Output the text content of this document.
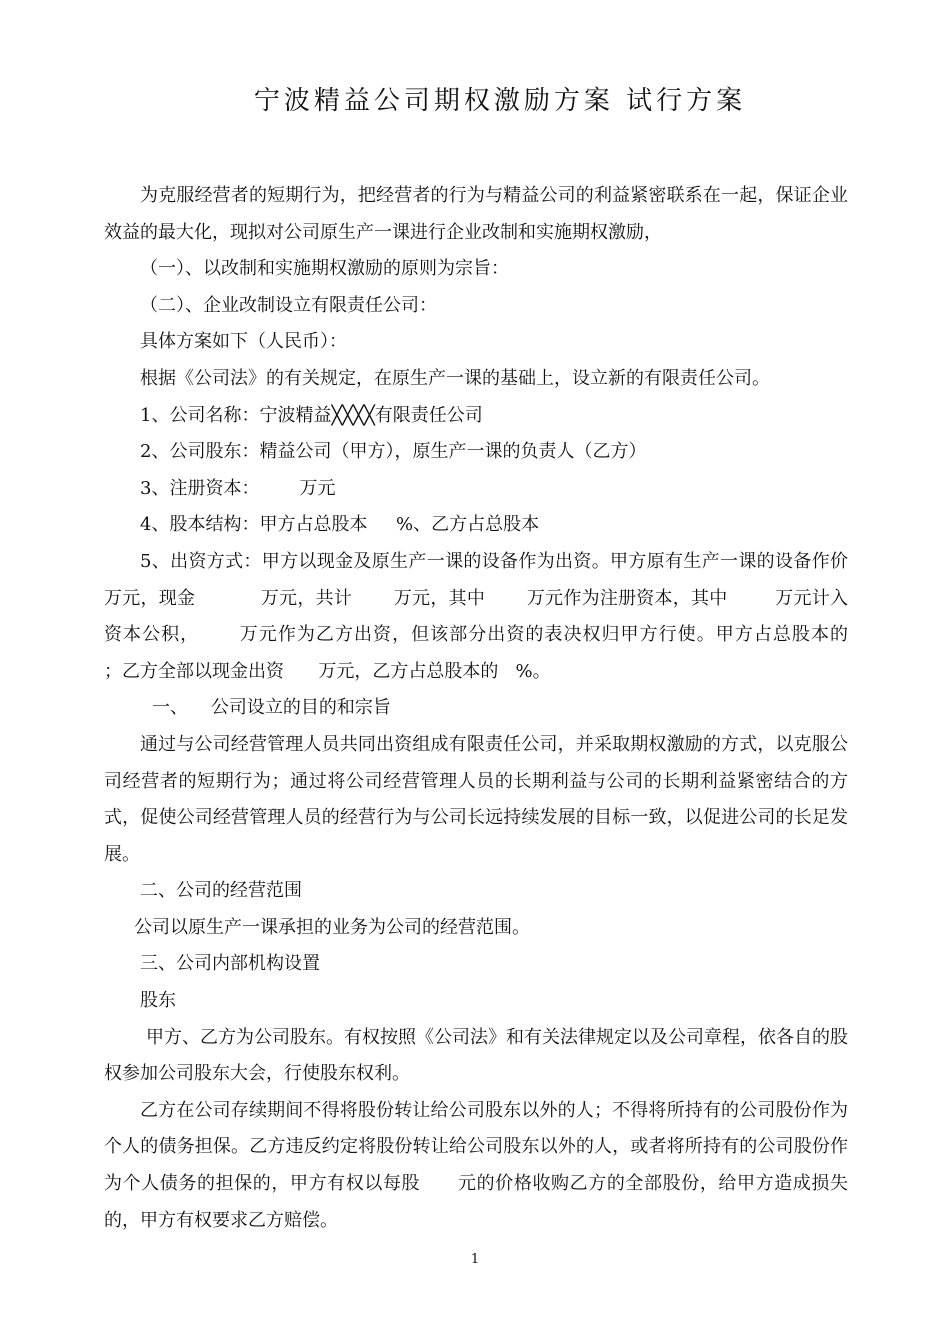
宁波精益公司期权激励方案 试行方案

为克服经营者的短期行为，把经营者的行为与精益公司的利益紧密联系在一起，保证企业效益的最大化，现拟对公司原生产一课进行企业改制和实施期权激励，

（一）、以改制和实施期权激励的原则为宗旨：

（二）、企业改制设立有限责任公司：

具体方案如下（人民币）：

根据《公司法》的有关规定，在原生产一课的基础上，设立新的有限责任公司。

1、公司名称：宁波精益╳╳╳╳有限责任公司

2、公司股东：精益公司（甲方），原生产一课的负责人（乙方）

3、注册资本：       万元

4、股本结构：甲方占总股本     %、乙方占总股本

5、出资方式：甲方以现金及原生产一课的设备作为出资。甲方原有生产一课的设备作价         万元，现金           万元，共计       万元，其中       万元作为注册资本，其中        万元计入资本公积，      万元作为乙方出资，但该部分出资的表决权归甲方行使。甲方占总股本的      ；乙方全部以现金出资      万元，乙方占总股本的   %。

一、    公司设立的目的和宗旨

通过与公司经营管理人员共同出资组成有限责任公司，并采取期权激励的方式，以克服公司经营者的短期行为；通过将公司经营管理人员的长期利益与公司的长期利益紧密结合的方式，促使公司经营管理人员的经营行为与公司长远持续发展的目标一致，以促进公司的长足发展。

二、公司的经营范围

公司以原生产一课承担的业务为公司的经营范围。

三、公司内部机构设置

股东

甲方、乙方为公司股东。有权按照《公司法》和有关法律规定以及公司章程，依各自的股权参加公司股东大会，行使股东权利。

乙方在公司存续期间不得将股份转让给公司股东以外的人；不得将所持有的公司股份作为个人的债务担保。乙方违反约定将股份转让给公司股东以外的人，或者将所持有的公司股份作为个人债务的担保的，甲方有权以每股      元的价格收购乙方的全部股份，给甲方造成损失的，甲方有权要求乙方赔偿。

1
